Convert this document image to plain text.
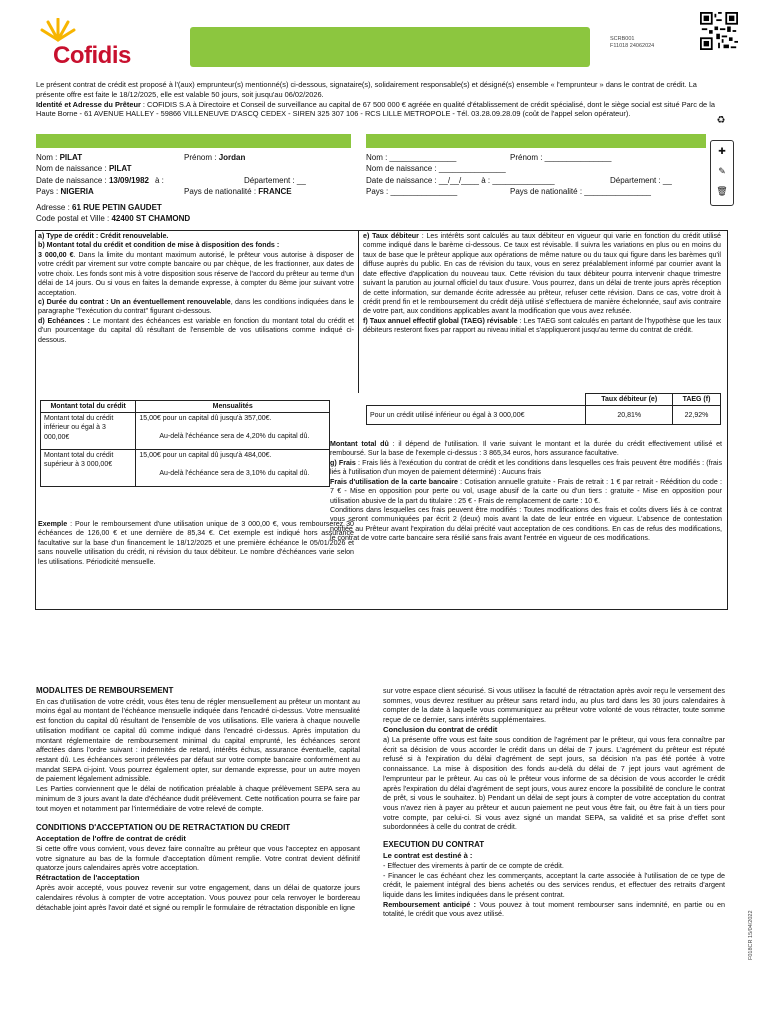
Cofidis
SCRB001
F11018 24062024
Le présent contrat de crédit est proposé à l'(aux) emprunteur(s) mentionné(s) ci-dessous, signataire(s), solidairement responsable(s) et désigné(s) ensemble « l'emprunteur » dans le contrat de crédit. La présente offre est faite le 18/12/2025, elle est valable 50 jours, soit jusqu'au 06/02/2026.
Identité et Adresse du Prêteur : COFIDIS S.A à Directoire et Conseil de surveillance au capital de 67 500 000 € agréée en qualité d'établissement de crédit spécialisé, dont le siège social est situé Parc de la Haute Borne - 61 AVENUE HALLEY - 59866 VILLENEUVE D'ASCQ CEDEX - SIREN 325 307 106 - RCS LILLE METROPOLE - Tél. 03.28.09.28.09 (coût de l'appel selon opérateur).
♻
✚
✎
🗑
Nom : PILAT	Prénom : Jordan
Nom de naissance : PILAT
Date de naissance : 13/09/1982 à :	Département : __
Pays : NIGERIA	Pays de nationalité : FRANCE
Adresse : 61 RUE PETIN GAUDET
Code postal et Ville : 42400 ST CHAMOND
Nom : _______________	Prénom : _______________
Nom de naissance : _______________
Date de naissance : __/__/____ à : ______________	Département : __
Pays : _______________	Pays de nationalité : _______________
a) Type de crédit : Crédit renouvelable.
b) Montant total du crédit et condition de mise à disposition des fonds :
3 000,00 €. Dans la limite du montant maximum autorisé, le prêteur vous autorise à disposer de votre crédit par virement sur votre compte bancaire ou par chèque, de les fractionner, aux dates de votre choix. Les fonds sont mis à votre disposition sous réserve de l'accord du prêteur au terme d'un délai de 14 jours. Ou si vous en faites la demande expresse, à compter du 8ème jour suivant votre acceptation.
c) Durée du contrat : Un an éventuellement renouvelable, dans les conditions indiquées dans le paragraphe "l'exécution du contrat" figurant ci-dessous.
d) Echéances : Le montant des échéances est variable en fonction du montant total du crédit et d'un pourcentage du capital dû résultant de l'ensemble de vos utilisations comme indiqué ci-dessous.
Montant total du crédit	Mensualités
Montant total du crédit inférieur ou égal à 3 000,00€	15,00€ pour un capital dû jusqu'à 357,00€.
Au-delà l'échéance sera de 4,20% du capital dû.

Montant total du crédit supérieur à 3 000,00€	15,00€ pour un capital dû jusqu'à 484,00€.
Au-delà l'échéance sera de 3,10% du capital dû.
Exemple : Pour le remboursement d'une utilisation unique de 3 000,00 €, vous rembourserez 30 échéances de 126,00 € et une dernière de 85,34 €. Cet exemple est indiqué hors assurance facultative sur la base d'un financement le 18/12/2025 et une première échéance le 05/01/2026 et sans nouvelle utilisation du crédit, ni révision du taux débiteur. Le nombre d'échéances varie selon les utilisations. Périodicité mensuelle.
e) Taux débiteur : Les intérêts sont calculés au taux débiteur en vigueur qui varie en fonction du crédit utilisé comme indiqué dans le barème ci-dessous. Ce taux est révisable. Il suivra les variations en plus ou en moins du taux de base que le prêteur applique aux opérations de même nature ou du taux qui figure dans les barèmes qu'il diffuse auprès du public. En cas de révision du taux, vous en serez préalablement informé par courrier avant la date effective d'application du nouveau taux. Cette révision du taux débiteur pourra intervenir chaque trimestre suivant la parution au journal officiel du taux d'usure. Vous pourrez, dans un délai de trente jours après réception de cette information, sur demande écrite adressée au prêteur, refuser cette révision. Dans ce cas, votre droit à crédit prend fin et le remboursement du crédit déjà utilisé s'effectuera de manière échelonnée, sauf avis contraire de votre part, aux conditions applicables avant la modification que vous avez refusée.
f) Taux annuel effectif global (TAEG) révisable : Les TAEG sont calculés en partant de l'hypothèse que les taux débiteurs resteront fixes par rapport au niveau initial et s'appliqueront jusqu'au terme du contrat de crédit.
	Taux débiteur (e)	TAEG (f)
Pour un crédit utilisé inférieur ou égal à 3 000,00€	20,81%	22,92%
Montant total dû : il dépend de l'utilisation. Il varie suivant le montant et la durée du crédit effectivement utilisé et remboursé. Sur la base de l'exemple ci-dessus : 3 865,34 euros, hors assurance facultative.
g) Frais : Frais liés à l'exécution du contrat de crédit et les conditions dans lesquelles ces frais peuvent être modifiés : (frais liés à l'utilisation d'un moyen de paiement déterminé) : Aucuns frais
Frais d'utilisation de la carte bancaire : Cotisation annuelle gratuite - Frais de retrait : 1 € par retrait - Réédition du code : 7 € - Mise en opposition pour perte ou vol, usage abusif de la carte ou d'un tiers : gratuite - Mise en opposition pour utilisation abusive de la part du titulaire : 25 € - Frais de remplacement de carte : 10 €.
Conditions dans lesquelles ces frais peuvent être modifiés : Toutes modifications des frais et coûts divers liés à ce contrat vous seront communiquées par écrit 2 (deux) mois avant la date de leur entrée en vigueur. L'absence de contestation notifiée au Prêteur avant l'expiration du délai précité vaut acceptation de ces conditions. En cas de refus des modifications, le contrat de votre carte bancaire sera résilié sans frais avant l'entrée en vigueur de ces modifications.
MODALITES DE REMBOURSEMENT
En cas d'utilisation de votre crédit, vous êtes tenu de régler mensuellement au prêteur un montant au moins égal au montant de l'échéance mensuelle indiquée dans l'encadré ci-dessus. Votre mensualité est fonction du capital dû résultant de l'ensemble de vos utilisations. Elle variera à chaque nouvelle utilisation modifiant ce capital dû comme indiqué dans l'encadré ci-dessus. Après imputation du montant réglementaire de remboursement minimal du capital emprunté, les échéances seront affectées dans l'ordre suivant : indemnités de retard, intérêts échus, assurance éventuelle, capital restant dû. Les échéances seront prélevées par défaut sur votre compte bancaire conformément au mandat SEPA ci-joint. Vous pourrez également opter, sur demande expresse, pour un autre moyen de paiement légalement admissible.
Les Parties conviennent que le délai de notification préalable à chaque prélèvement SEPA sera au minimum de 3 jours avant la date d'échéance dudit prélèvement. Cette notification pourra se faire par tout moyen et notamment par l'intermédiaire de votre relevé de compte.
CONDITIONS D'ACCEPTATION OU DE RETRACTATION DU CREDIT
Acceptation de l'offre de contrat de crédit
Si cette offre vous convient, vous devez faire connaître au prêteur que vous l'acceptez en apposant votre signature au bas de la formule d'acceptation dûment remplie. Votre contrat devient définitif quatorze jours calendaires après votre acceptation.
Rétractation de l'acceptation
Après avoir accepté, vous pouvez revenir sur votre engagement, dans un délai de quatorze jours calendaires révolus à compter de votre acceptation. Vous pouvez pour cela renvoyer le bordereau détachable joint après l'avoir daté et signé ou remplir le formulaire de rétractation disponible en ligne
sur votre espace client sécurisé. Si vous utilisez la faculté de rétractation après avoir reçu le versement des sommes, vous devrez restituer au prêteur sans retard indu, au plus tard dans les 30 jours calendaires à compter de la date à laquelle vous communiquez au prêteur votre volonté de vous rétracter, toute somme reçue de ce dernier, sans intérêts supplémentaires.
Conclusion du contrat de crédit
a) La présente offre vous est faite sous condition de l'agrément par le prêteur, qui vous fera connaître par écrit sa décision de vous accorder le crédit dans un délai de 7 jours. L'agrément du prêteur est réputé refusé si à l'expiration du délai d'agrément de sept jours, sa décision n'a pas été portée à votre connaissance. La mise à disposition des fonds au-delà du délai de 7 jept jours vaut agrément de l'emprunteur par le prêteur. Au cas où le prêteur vous informe de sa décision de vous accorder le crédit après l'expiration du délai d'agrément de sept jours, vous aurez encore la possibilité de conclure le contrat de prêt, si vous le souhaitez. b) Pendant un délai de sept jours à compter de votre acceptation du contrat vous n'avez rien à payer au prêteur et aucun paiement ne peut vous être fait, ou être fait à un tiers pour votre compte, par celui-ci. Si vous avez signé un mandat SEPA, sa validité et sa prise d'effet sont subordonnées à celle du contrat de crédit.
EXECUTION DU CONTRAT
Le contrat est destiné à :
- Effectuer des virements à partir de ce compte de crédit.
- Financer le cas échéant chez les commerçants, acceptant la carte associée à l'utilisation de ce type de crédit, le paiement intégral des biens achetés ou des services rendus, et effectuer des retraits d'argent liquide dans les limites indiquées dans le présent contrat.
Remboursement anticipé : Vous pouvez à tout moment rembourser sans indemnité, en partie ou en totalité, le crédit que vous avez utilisé.	F018CR 15/04/2022
